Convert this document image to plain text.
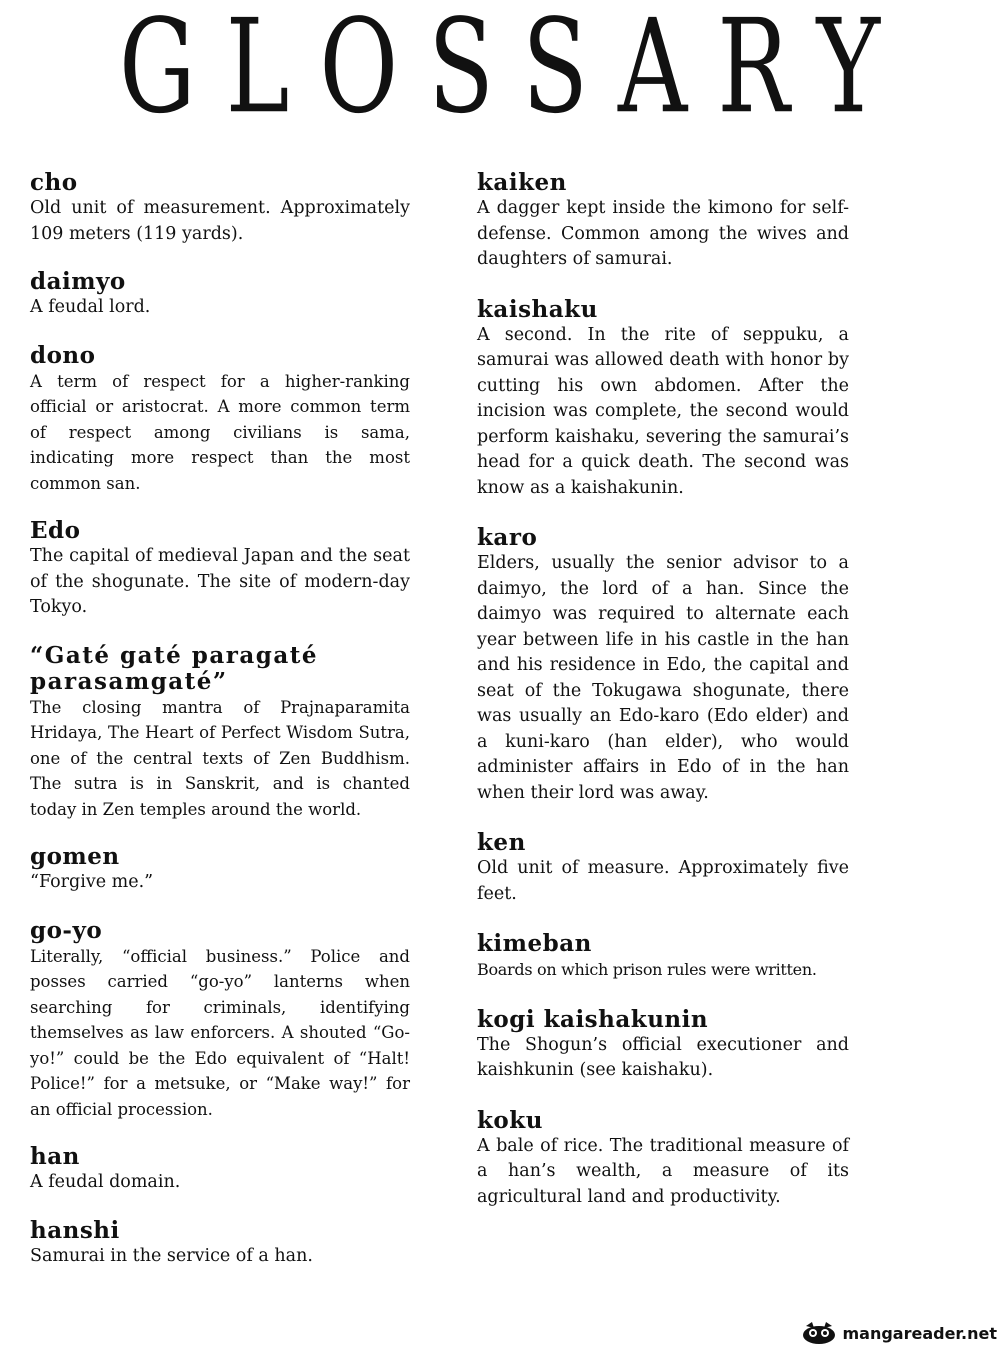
GLOSSARY
cho
Old unit of measurement. Approximately 109 meters (119 yards).
daimyo
A feudal lord.
dono
A term of respect for a higher-ranking official or aristocrat. A more common term of respect among civilians is sama, indicating more respect than the most common san.
Edo
The capital of medieval Japan and the seat of the shogunate. The site of modern-day Tokyo.
“Gaté gaté paragaté parasamgaté”
The closing mantra of Prajnaparamita Hridaya, The Heart of Perfect Wisdom Sutra, one of the central texts of Zen Buddhism. The sutra is in Sanskrit, and is chanted today in Zen temples around the world.
gomen
“Forgive me.”
go-yo
Literally, “official business.” Police and posses carried “go-yo” lanterns when searching for criminals, identifying themselves as law enforcers. A shouted “Go-yo!” could be the Edo equivalent of “Halt! Police!” for a metsuke, or “Make way!” for an official procession.
han
A feudal domain.
hanshi
Samurai in the service of a han.
kaiken
A dagger kept inside the kimono for self-defense. Common among the wives and daughters of samurai.
kaishaku
A second. In the rite of seppuku, a samurai was allowed death with honor by cutting his own abdomen. After the incision was complete, the second would perform kaishaku, severing the samurai’s head for a quick death. The second was know as a kaishakunin.
karo
Elders, usually the senior advisor to a daimyo, the lord of a han. Since the daimyo was required to alternate each year between life in his castle in the han and his residence in Edo, the capital and seat of the Tokugawa shogunate, there was usually an Edo-karo (Edo elder) and a kuni-karo (han elder), who would administer affairs in Edo of in the han when their lord was away.
ken
Old unit of measure. Approximately five feet.
kimeban
Boards on which prison rules were written.
kogi kaishakunin
The Shogun’s official executioner and kaishkunin (see kaishaku).
koku
A bale of rice. The traditional measure of a han’s wealth, a measure of its agricultural land and productivity.
mangareader.net
